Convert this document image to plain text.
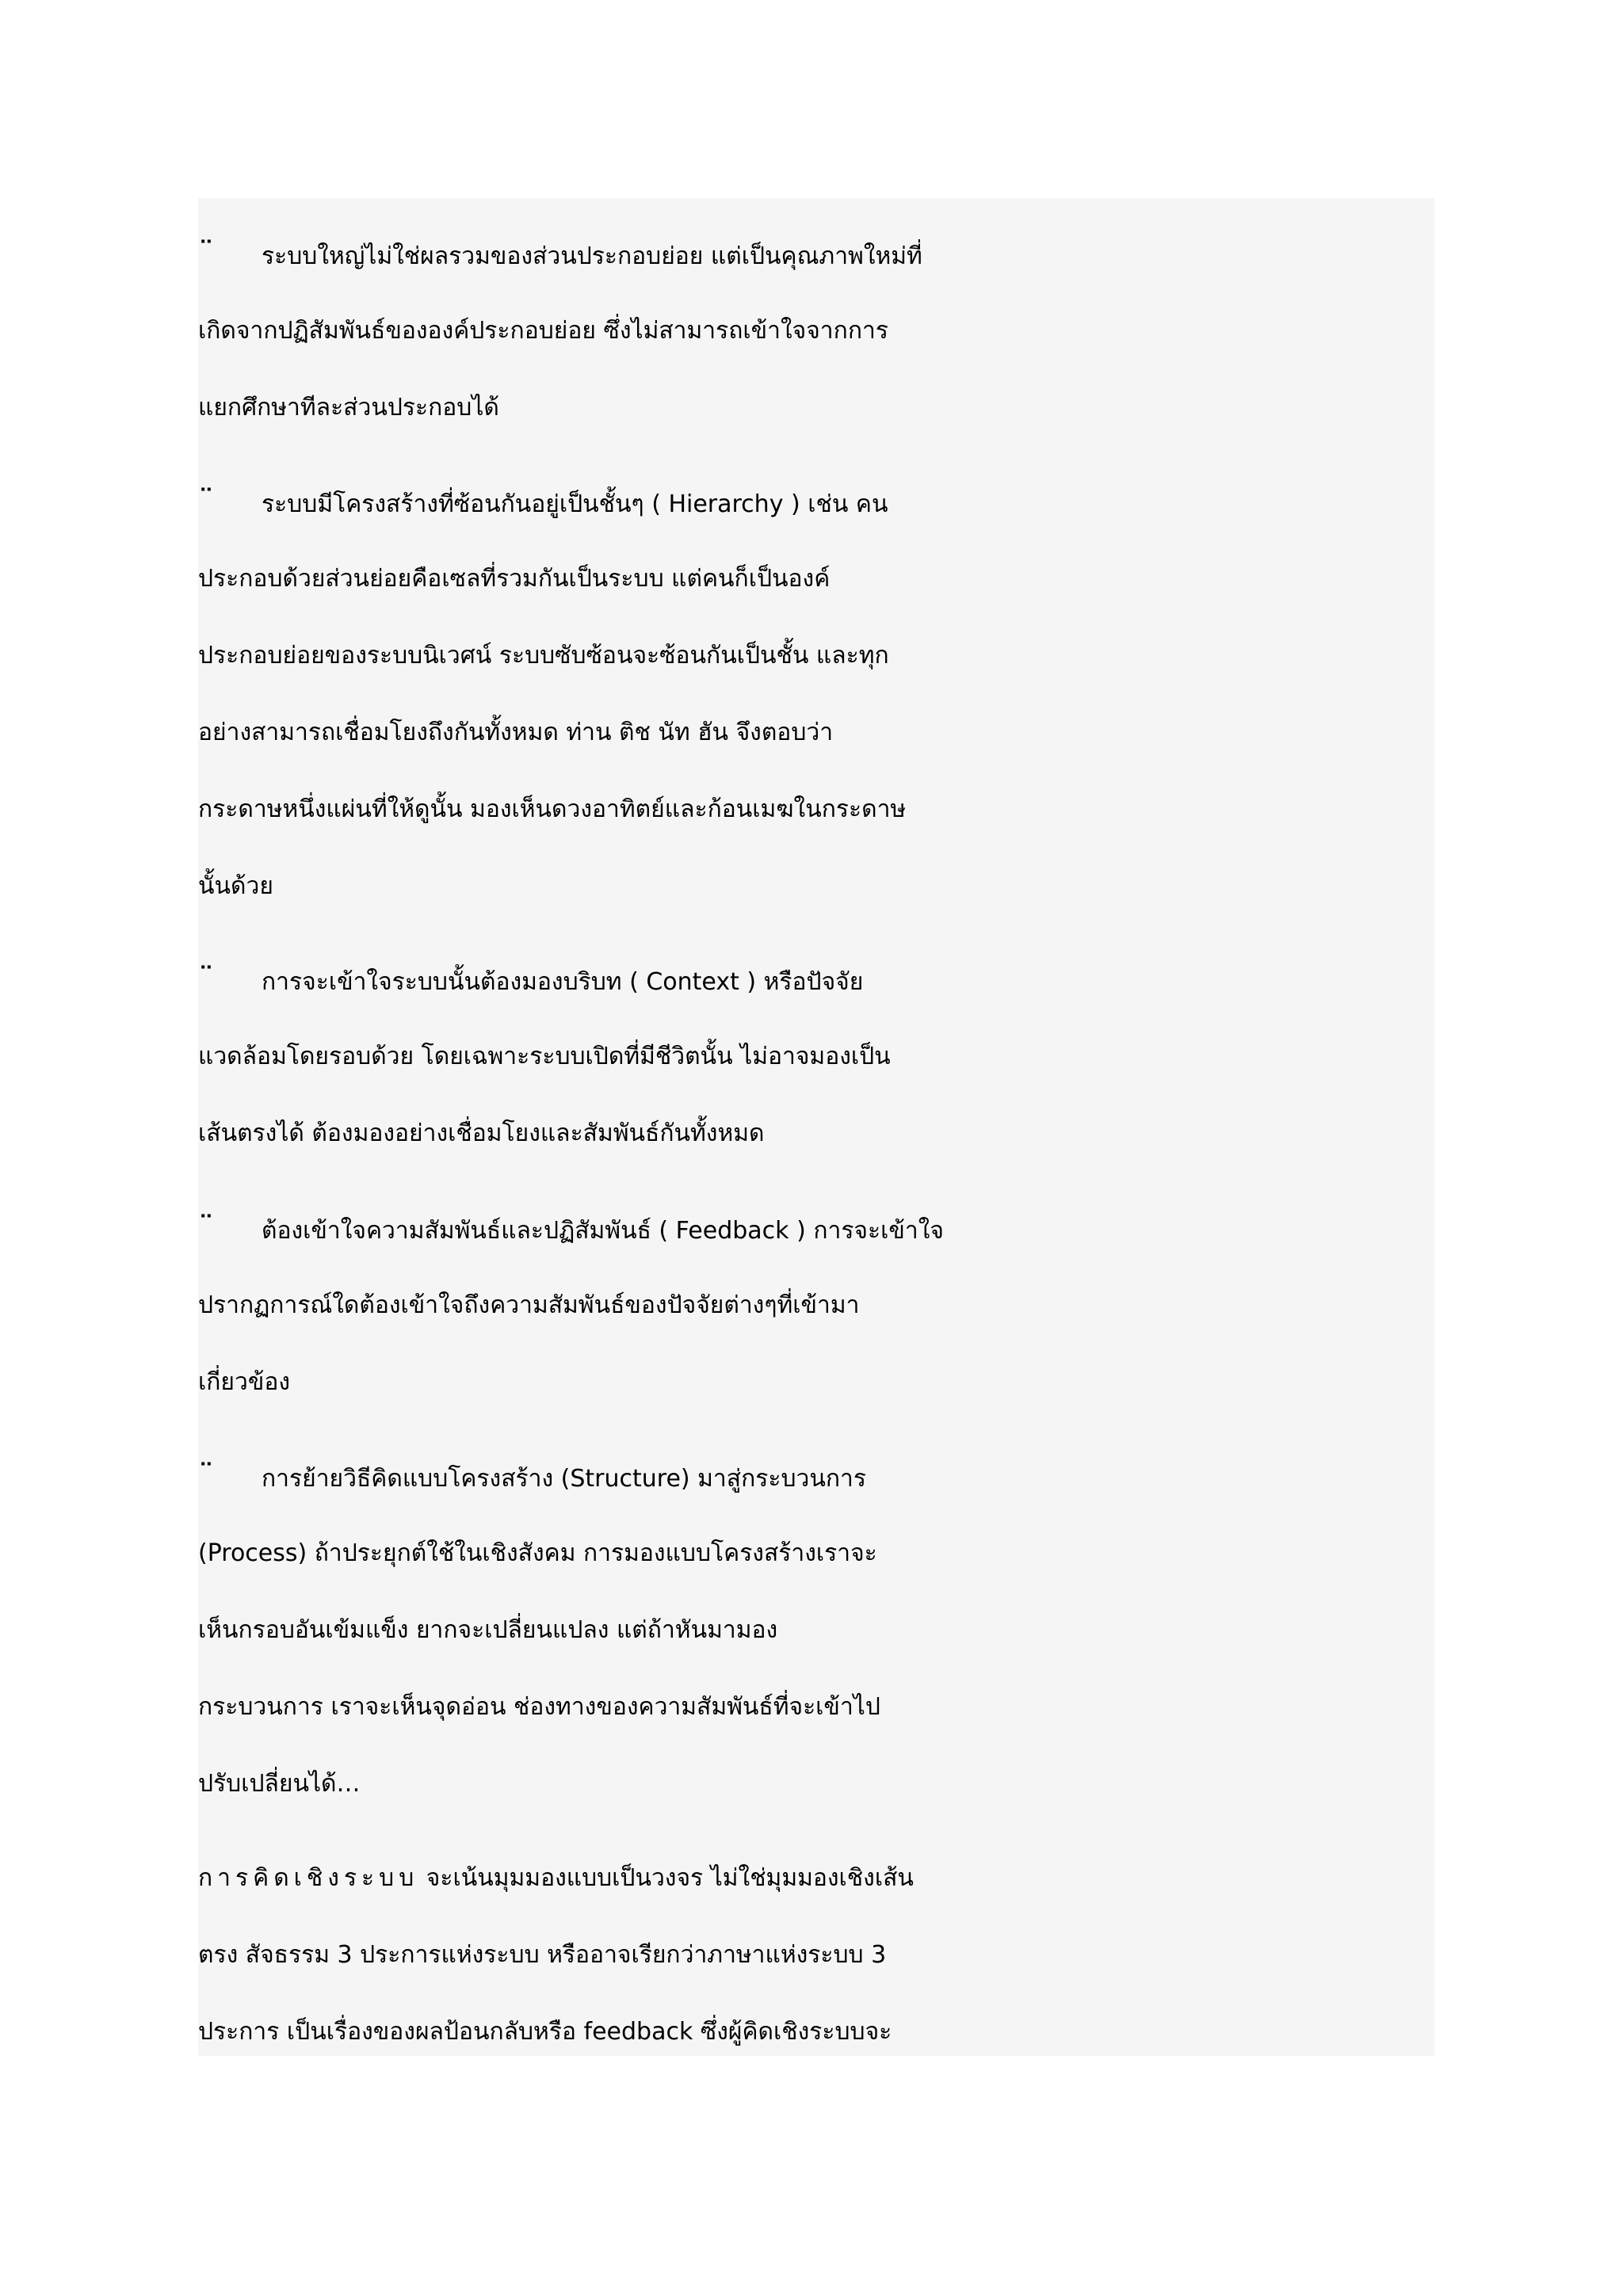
¨ ระบบใหญ่ไม่ใช่ผลรวมของส่วนประกอบย่อย แต่เป็นคุณภาพใหม่ที่
เกิดจากปฏิสัมพันธ์ขององค์ประกอบย่อย ซึ่งไม่สามารถเข้าใจจากการ
แยกศึกษาทีละส่วนประกอบได้
¨ ระบบมีโครงสร้างที่ซ้อนกันอยู่เป็นชั้นๆ ( Hierarchy ) เช่น คน
ประกอบด้วยส่วนย่อยคือเซลที่รวมกันเป็นระบบ แต่คนก็เป็นองค์
ประกอบย่อยของระบบนิเวศน์ ระบบซับซ้อนจะซ้อนกันเป็นชั้น และทุก
อย่างสามารถเชื่อมโยงถึงกันทั้งหมด ท่าน ติช นัท ฮัน จึงตอบว่า
กระดาษหนึ่งแผ่นที่ให้ดูนั้น มองเห็นดวงอาทิตย์และก้อนเมฆในกระดาษ
นั้นด้วย
¨ การจะเข้าใจระบบนั้นต้องมองบริบท ( Context ) หรือปัจจัย
แวดล้อมโดยรอบด้วย โดยเฉพาะระบบเปิดที่มีชีวิตนั้น ไม่อาจมองเป็น
เส้นตรงได้ ต้องมองอย่างเชื่อมโยงและสัมพันธ์กันทั้งหมด
¨ ต้องเข้าใจความสัมพันธ์และปฏิสัมพันธ์ ( Feedback ) การจะเข้าใจ
ปรากฏการณ์ใดต้องเข้าใจถึงความสัมพันธ์ของปัจจัยต่างๆที่เข้ามา
เกี่ยวข้อง
¨ การย้ายวิธีคิดแบบโครงสร้าง (Structure) มาสู่กระบวนการ
(Process) ถ้าประยุกต์ใช้ในเชิงสังคม การมองแบบโครงสร้างเราจะ
เห็นกรอบอันเข้มแข็ง ยากจะเปลี่ยนแปลง แต่ถ้าหันมามอง
กระบวนการ เราจะเห็นจุดอ่อน ช่องทางของความสัมพันธ์ที่จะเข้าไป
ปรับเปลี่ยนได้…
การคิดเชิงระบบ จะเน้นมุมมองแบบเป็นวงจร ไม่ใช่มุมมองเชิงเส้น
ตรง สัจธรรม 3 ประการแห่งระบบ หรืออาจเรียกว่าภาษาแห่งระบบ 3
ประการ เป็นเรื่องของผลป้อนกลับหรือ feedback ซึ่งผู้คิดเชิงระบบจะ
